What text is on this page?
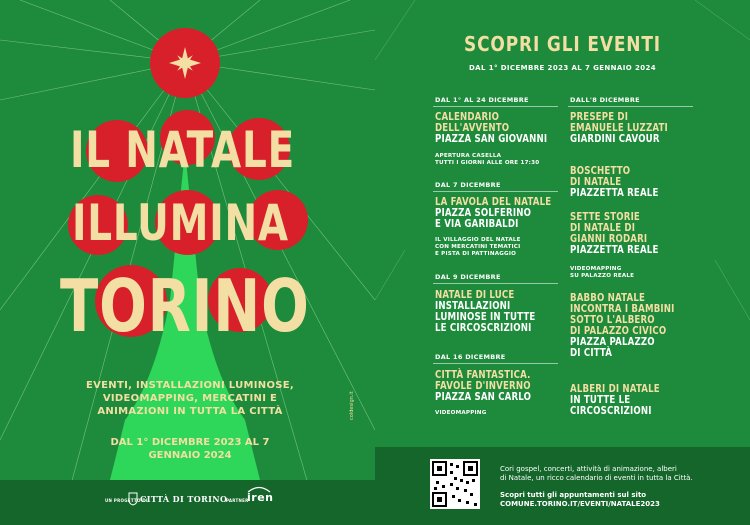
IL NATALE
ILLUMINA
TORINO
EVENTI, INSTALLAZIONI LUMINOSE, VIDEOMAPPING, MERCATINI E ANIMAZIONI IN TUTTA LA CITTÀ
DAL 1° DICEMBRE 2023 AL 7 GENNAIO 2024
coldesign.it
UN PROGETTO DI
CITTÀ DI TORINO
PARTNER
iren
SCOPRI GLI EVENTI
DAL 1° DICEMBRE 2023 AL 7 GENNAIO 2024
DAL 1° AL 24 DICEMBRE
CALENDARIO
DELL'AVVENTO
PIAZZA SAN GIOVANNI
APERTURA CASELLA
TUTTI I GIORNI ALLE ORE 17:30
DAL 7 DICEMBRE
LA FAVOLA DEL NATALE
PIAZZA SOLFERINO
E VIA GARIBALDI
IL VILLAGGIO DEL NATALE
CON MERCATINI TEMATICI
E PISTA DI PATTINAGGIO
DAL 9 DICEMBRE
NATALE DI LUCE
INSTALLAZIONI
LUMINOSE IN TUTTE
LE CIRCOSCRIZIONI
DAL 16 DICEMBRE
CITTÀ FANTASTICA.
FAVOLE D'INVERNO
PIAZZA SAN CARLO
VIDEOMAPPING
DALL'8 DICEMBRE
PRESEPE DI
EMANUELE LUZZATI
GIARDINI CAVOUR
BOSCHETTO
DI NATALE
PIAZZETTA REALE
SETTE STORIE
DI NATALE DI
GIANNI RODARI
PIAZZETTA REALE
VIDEOMAPPING
SU PALAZZO REALE
BABBO NATALE
INCONTRA I BAMBINI
SOTTO L'ALBERO
DI PALAZZO CIVICO
PIAZZA PALAZZO
DI CITTÀ
ALBERI DI NATALE
IN TUTTE LE
CIRCOSCRIZIONI
Cori gospel, concerti, attività di animazione, alberi
di Natale, un ricco calendario di eventi in tutta la Città.
Scopri tutti gli appuntamenti sul sito
COMUNE.TORINO.IT/EVENTI/NATALE2023
